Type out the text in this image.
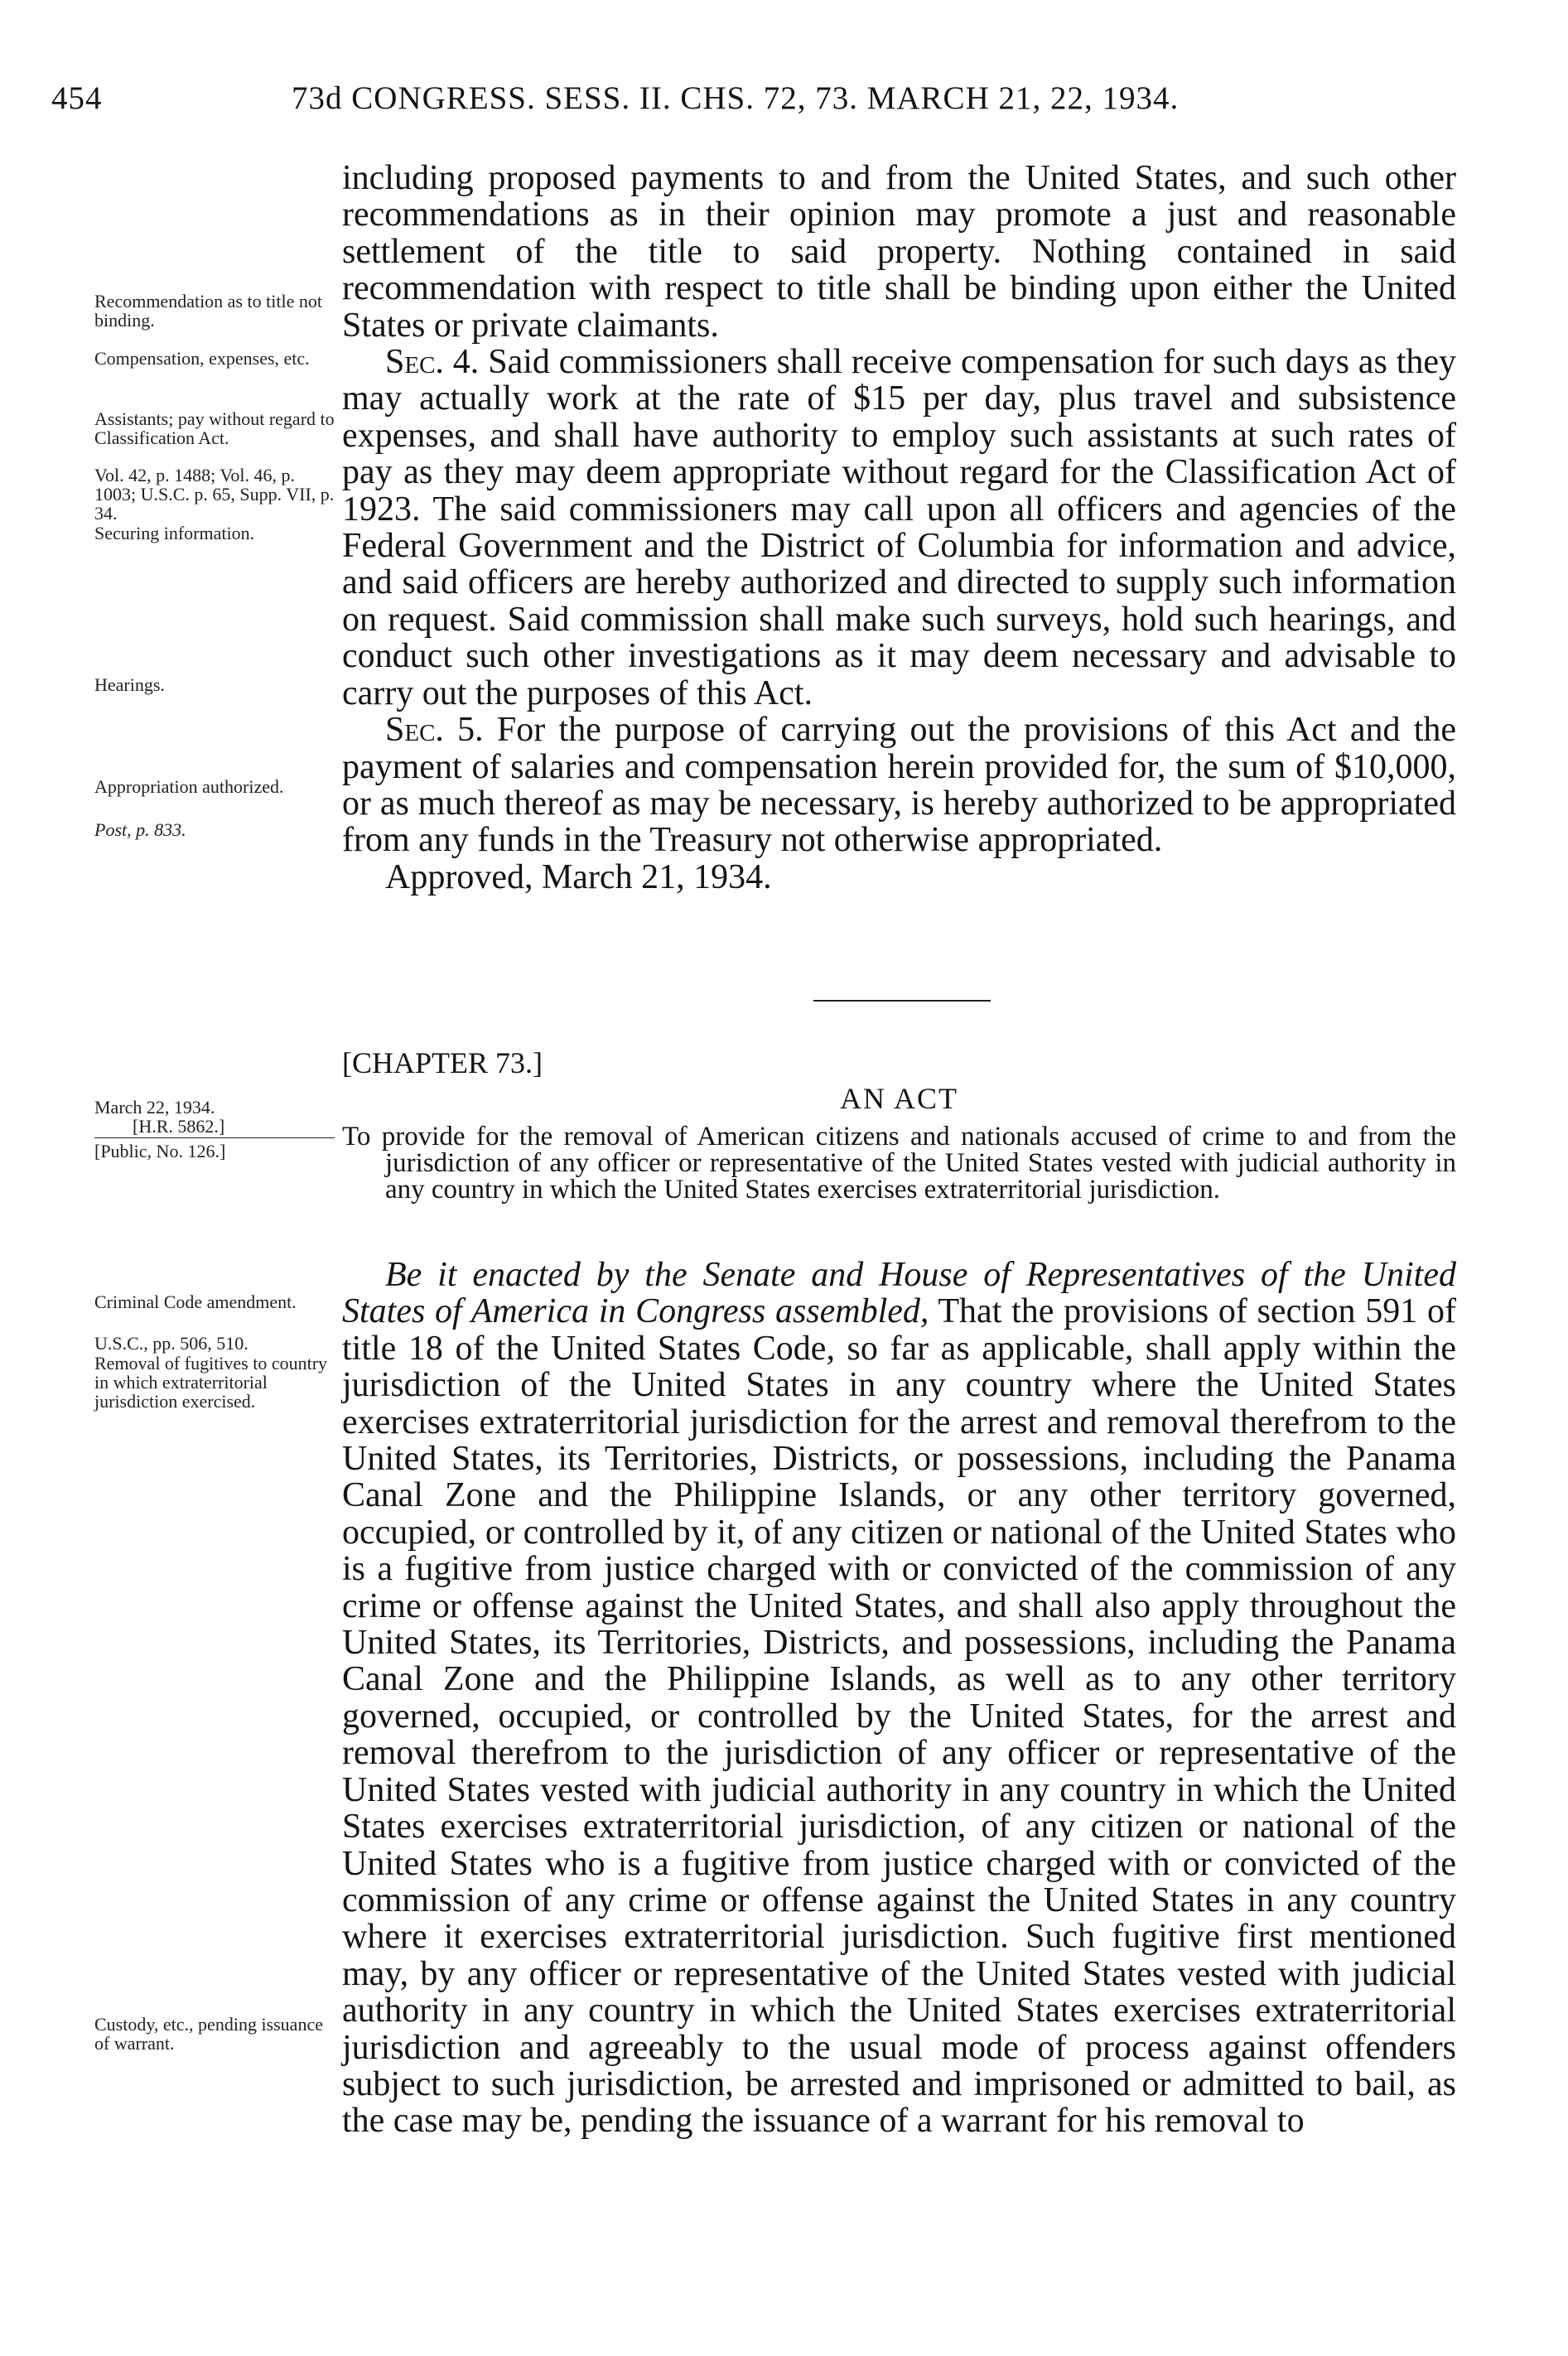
454	73d CONGRESS. SESS. II. CHS. 72, 73. MARCH 21, 22, 1934.
Recommendation as to title not binding.
Compensation, expenses, etc.
Assistants; pay without regard to Classification Act.
Vol. 42, p. 1488; Vol. 46, p. 1003; U.S.C. p. 65, Supp. VII, p. 34.
Securing information.
Hearings.
Appropriation authorized.
Post, p. 833.
March 22, 1934.
[H.R. 5862.]
[Public, No. 126.]
Criminal Code amendment.
U.S.C., pp. 506, 510.
Removal of fugitives to country in which extraterritorial jurisdiction exercised.
Custody, etc., pending issuance of warrant.

including proposed payments to and from the United States, and such other recommendations as in their opinion may promote a just and reasonable settlement of the title to said property. Nothing contained in said recommendation with respect to title shall be binding upon either the United States or private claimants.

Sec. 4. Said commissioners shall receive compensation for such days as they may actually work at the rate of $15 per day, plus travel and subsistence expenses, and shall have authority to employ such assistants at such rates of pay as they may deem appropriate without regard for the Classification Act of 1923. The said commissioners may call upon all officers and agencies of the Federal Government and the District of Columbia for information and advice, and said officers are hereby authorized and directed to supply such information on request. Said commission shall make such surveys, hold such hearings, and conduct such other investigations as it may deem necessary and advisable to carry out the purposes of this Act.

Sec. 5. For the purpose of carrying out the provisions of this Act and the payment of salaries and compensation herein provided for, the sum of $10,000, or as much thereof as may be necessary, is hereby authorized to be appropriated from any funds in the Treasury not otherwise appropriated.

Approved, March 21, 1934.

[CHAPTER 73.]
AN ACT
To provide for the removal of American citizens and nationals accused of crime to and from the jurisdiction of any officer or representative of the United States vested with judicial authority in any country in which the United States exercises extraterritorial jurisdiction.

Be it enacted by the Senate and House of Representatives of the United States of America in Congress assembled, That the provisions of section 591 of title 18 of the United States Code, so far as applicable, shall apply within the jurisdiction of the United States in any country where the United States exercises extraterritorial jurisdiction for the arrest and removal therefrom to the United States, its Territories, Districts, or possessions, including the Panama Canal Zone and the Philippine Islands, or any other territory governed, occupied, or controlled by it, of any citizen or national of the United States who is a fugitive from justice charged with or convicted of the commission of any crime or offense against the United States, and shall also apply throughout the United States, its Territories, Districts, and possessions, including the Panama Canal Zone and the Philippine Islands, as well as to any other territory governed, occupied, or controlled by the United States, for the arrest and removal therefrom to the jurisdiction of any officer or representative of the United States vested with judicial authority in any country in which the United States exercises extraterritorial jurisdiction, of any citizen or national of the United States who is a fugitive from justice charged with or convicted of the commission of any crime or offense against the United States in any country where it exercises extraterritorial jurisdiction. Such fugitive first mentioned may, by any officer or representative of the United States vested with judicial authority in any country in which the United States exercises extraterritorial jurisdiction and agreeably to the usual mode of process against offenders subject to such jurisdiction, be arrested and imprisoned or admitted to bail, as the case may be, pending the issuance of a warrant for his removal to
